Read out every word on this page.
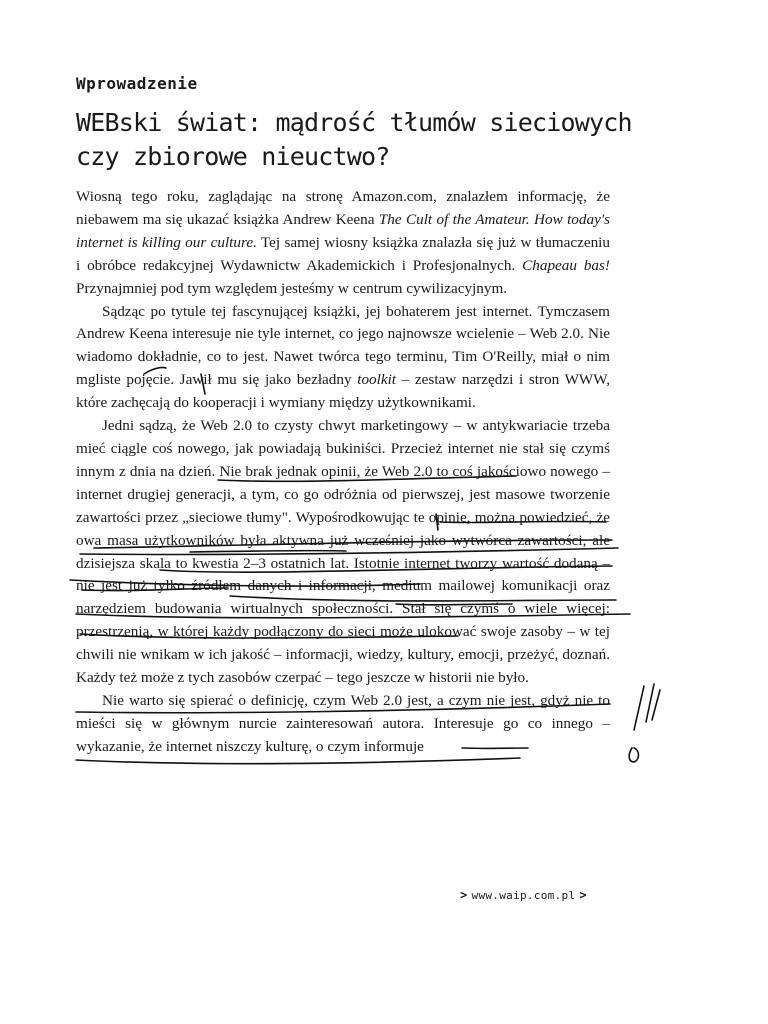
Wprowadzenie
WEBski świat: mądrość tłumów sieciowych czy zbiorowe nieuctwo?

Wiosną tego roku, zaglądając na stronę Amazon.com, znalazłem informację, że niebawem ma się ukazać książka Andrew Keena The Cult of the Amateur. How today's internet is killing our culture. Tej samej wiosny książka znalazła się już w tłumaczeniu i obróbce redakcyjnej Wydawnictw Akademickich i Profesjonalnych. Chapeau bas! Przynajmniej pod tym względem jesteśmy w centrum cywilizacyjnym.

Sądząc po tytule tej fascynującej książki, jej bohaterem jest internet. Tymczasem Andrew Keena interesuje nie tyle internet, co jego najnowsze wcielenie – Web 2.0. Nie wiadomo dokładnie, co to jest. Nawet twórca tego terminu, Tim O'Reilly, miał o nim mgliste pojęcie. Jawił mu się jako bezładny toolkit – zestaw narzędzi i stron WWW, które zachęcają do kooperacji i wymiany między użytkownikami.

Jedni sądzą, że Web 2.0 to czysty chwyt marketingowy – w antykwariacie trzeba mieć ciągle coś nowego, jak powiadają bukiniści. Przecież internet nie stał się czymś innym z dnia na dzień. Nie brak jednak opinii, że Web 2.0 to coś jakościowo nowego – internet drugiej generacji, a tym, co go odróżnia od pierwszej, jest masowe tworzenie zawartości przez „sieciowe tłumy". Wypośrodkowując te opinie, można powiedzieć, że owa masa użytkowników była aktywna już wcześniej jako wytwórca zawartości, ale dzisiejsza skala to kwestia 2–3 ostatnich lat. Istotnie internet tworzy wartość dodaną – nie jest już tylko źródłem danych i informacji, medium mailowej komunikacji oraz narzędziem budowania wirtualnych społeczności. Stał się czymś o wiele więcej: przestrzenią, w której każdy podłączony do sieci może ulokować swoje zasoby – w tej chwili nie wnikam w ich jakość – informacji, wiedzy, kultury, emocji, przeżyć, doznań. Każdy też może z tych zasobów czerpać – tego jeszcze w historii nie było.

Nie warto się spierać o definicję, czym Web 2.0 jest, a czym nie jest, gdyż nie to mieści się w głównym nurcie zainteresowań autora. Interesuje go co innego – wykazanie, że internet niszczy kulturę, o czym informuje

> www.waip.com.pl >
